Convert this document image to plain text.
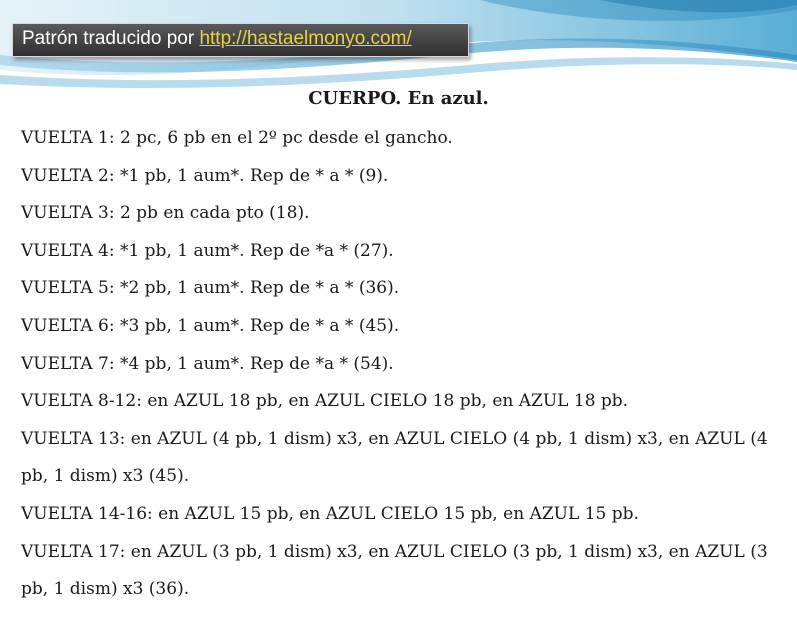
Patrón traducido por http://hastaelmonyo.com/
CUERPO. En azul.
VUELTA 1: 2 pc, 6 pb en el 2º pc desde el gancho.
VUELTA 2: *1 pb, 1 aum*. Rep de * a * (9).
VUELTA 3: 2 pb en cada pto (18).
VUELTA 4: *1 pb, 1 aum*. Rep de *a * (27).
VUELTA 5: *2 pb, 1 aum*. Rep de * a * (36).
VUELTA 6: *3 pb, 1 aum*. Rep de * a * (45).
VUELTA 7: *4 pb, 1 aum*. Rep de *a * (54).
VUELTA 8-12: en AZUL 18 pb, en AZUL CIELO 18 pb, en AZUL 18 pb.
VUELTA 13: en AZUL (4 pb, 1 dism) x3, en AZUL CIELO (4 pb, 1 dism) x3, en AZUL (4
pb, 1 dism) x3 (45).
VUELTA 14-16: en AZUL 15 pb, en AZUL CIELO 15 pb, en AZUL 15 pb.
VUELTA 17: en AZUL (3 pb, 1 dism) x3, en AZUL CIELO (3 pb, 1 dism) x3, en AZUL (3
pb, 1 dism) x3 (36).
